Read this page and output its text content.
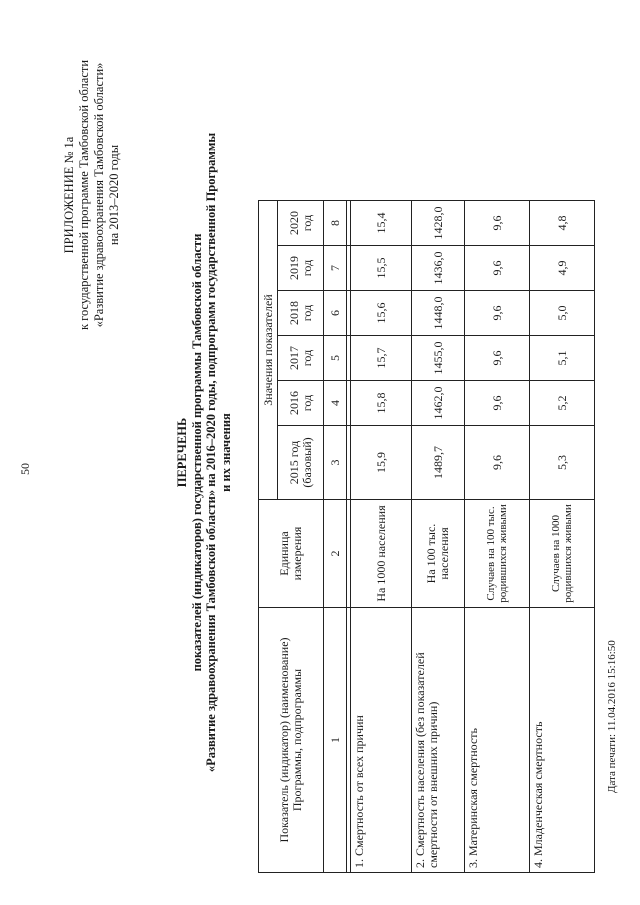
50
ПРИЛОЖЕНИЕ № 1а к государственной программе Тамбовской области «Развитие здравоохранения Тамбовской области» на 2013–2020 годы
ПЕРЕЧЕНЬ показателей (индикаторов) государственной программы Тамбовской области «Развитие здравоохранения Тамбовской области» на 2016–2020 годы, подпрограмм государственной Программы и их значения
Показатель (индикатор) (наименование) Программы, подпрограммы	Единица измерения	Значения показателей					
		2015 год (базовый)	2016 год	2017 год	2018 год	2019 год	2020 год
1	2	3	4	5	6	7	8

1. Смертность от всех причин	На 1000 населения	15,9	15,8	15,7	15,6	15,5	15,4
2. Смертность населения (без показателей смертности от внешних причин)	На 100 тыс. населения	1489,7	1462,0	1455,0	1448,0	1436,0	1428,0
3. Материнская смертность	Случаев на 100 тыс. родившихся живыми	9,6	9,6	9,6	9,6	9,6	9,6
4. Младенческая смертность	Случаев на 1000 родившихся живыми	5,3	5,2	5,1	5,0	4,9	4,8
Дата печати: 11.04.2016 15:16:50
